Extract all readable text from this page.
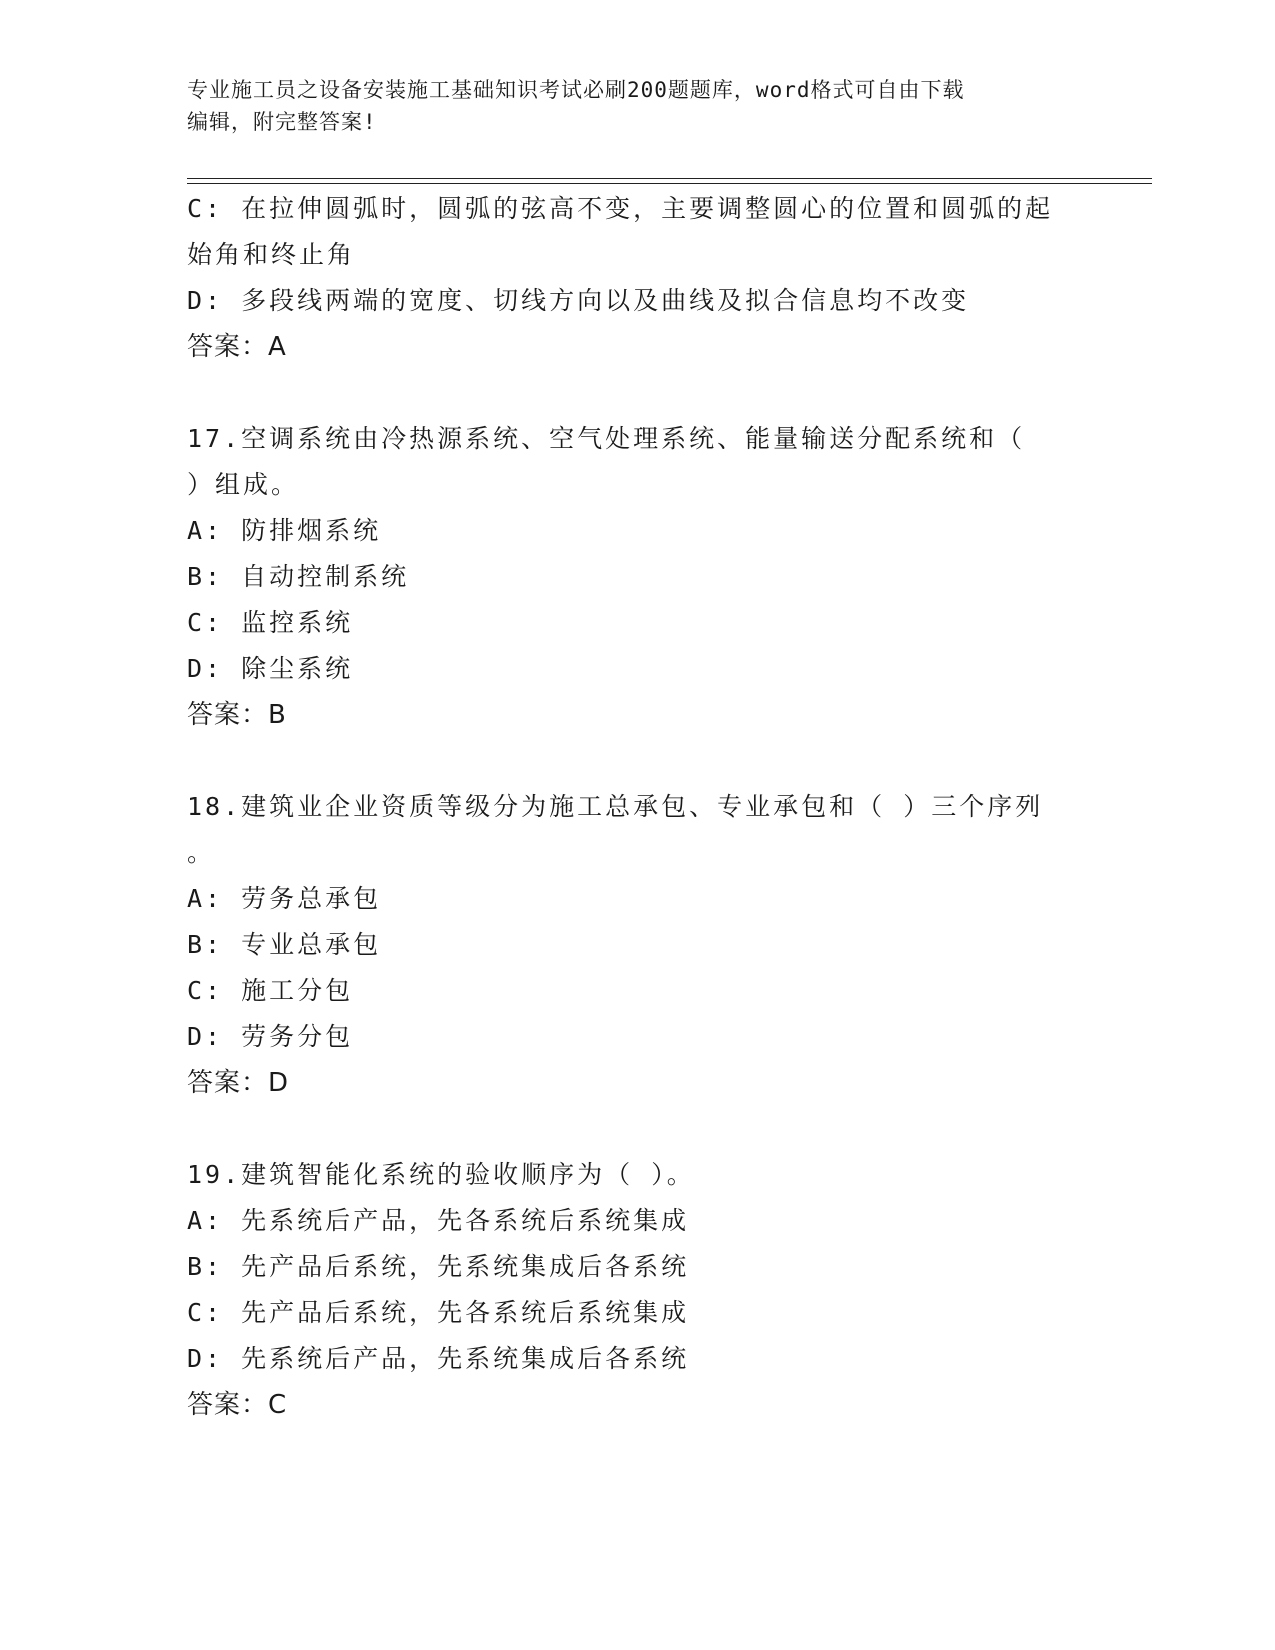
专业施工员之设备安装施工基础知识考试必刷200题题库，word格式可自由下载
编辑，附完整答案!
C: 在拉伸圆弧时，圆弧的弦高不变，主要调整圆心的位置和圆弧的起
始角和终止角
D: 多段线两端的宽度、切线方向以及曲线及拟合信息均不改变
答案：A
17.空调系统由冷热源系统、空气处理系统、能量输送分配系统和（
）组成。
A: 防排烟系统
B: 自动控制系统
C: 监控系统
D: 除尘系统
答案：B
18.建筑业企业资质等级分为施工总承包、专业承包和（ ）三个序列
。
A: 劳务总承包
B: 专业总承包
C: 施工分包
D: 劳务分包
答案：D
19.建筑智能化系统的验收顺序为（ ）。
A: 先系统后产品，先各系统后系统集成
B: 先产品后系统，先系统集成后各系统
C: 先产品后系统，先各系统后系统集成
D: 先系统后产品，先系统集成后各系统
答案：C
